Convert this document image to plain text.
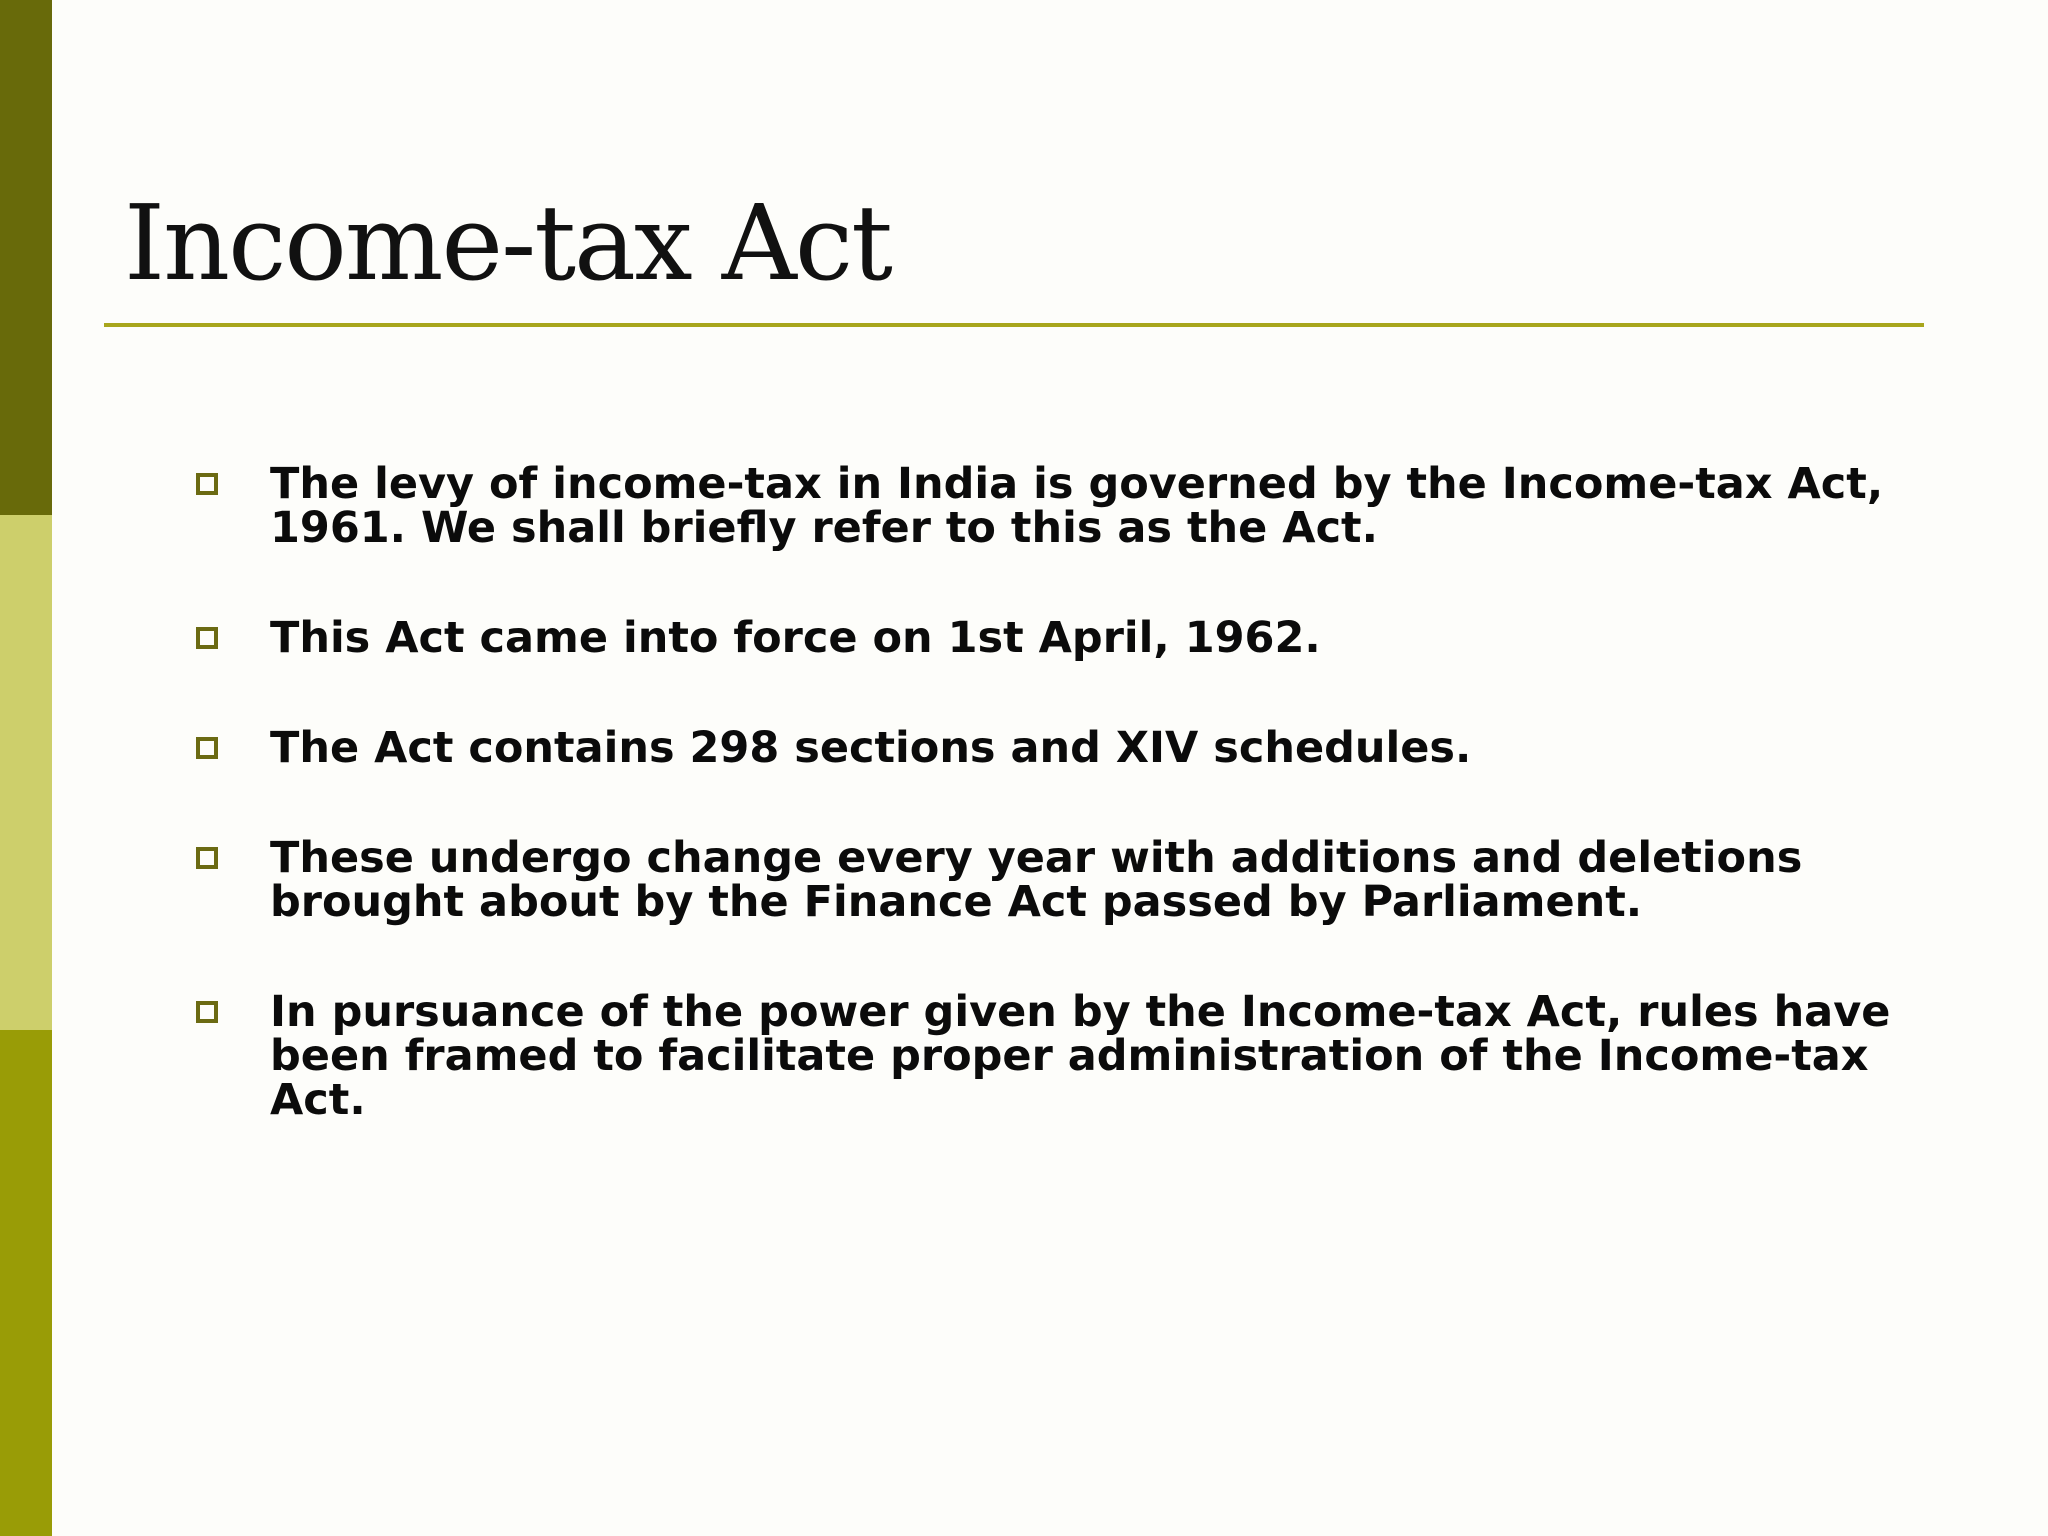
Income-tax Act
The levy of income-tax in India is governed by the Income-tax Act, 1961. We shall briefly refer to this as the Act.
This Act came into force on 1st April, 1962.
The Act contains 298 sections and XIV schedules.
These undergo change every year with additions and deletions brought about by the Finance Act passed by Parliament.
In pursuance of the power given by the Income-tax Act, rules have been framed to facilitate proper administration of the Income-tax Act.
